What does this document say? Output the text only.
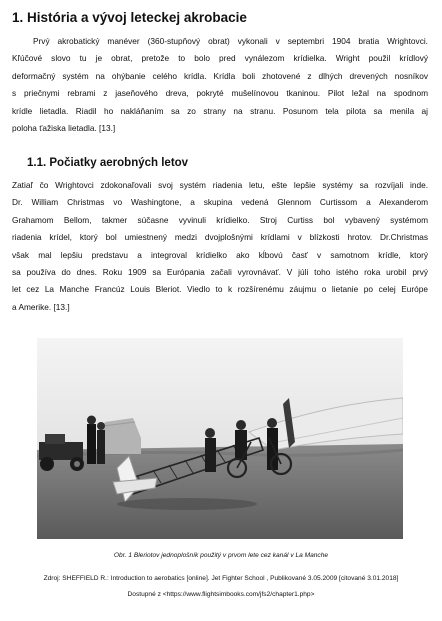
1. História a vývoj leteckej akrobacie
Prvý akrobatický manéver (360-stupňový obrat) vykonali v septembri 1904 bratia Wrightovci.
Kľúčové slovo tu je obrat, pretože to bolo pred vynálezom krídielka. Wright použil krídlový
deformačný systém na ohýbanie celého krídla. Krídla boli zhotovené z dlhých drevených nosníkov
s priečnymi rebrami z jaseňového dreva, pokryté mušelínovou tkaninou. Pilot ležal na spodnom
krídle lietadla. Riadil ho nakláňaním sa zo strany na stranu. Posunom tela pilota sa menila aj
poloha ťažiska lietadla. [13.]
1.1. Počiatky aerobných letov
Zatiaľ čo Wrightovci zdokonaľovali svoj systém riadenia letu, ešte lepšie systémy sa rozvíjali inde.
Dr. William Christmas vo Washingtone, a skupina vedená Glennom Curtissom a Alexanderom
Grahamom Bellom, takmer súčasne vyvinuli krídielko. Stroj Curtiss bol vybavený systémom
riadenia krídel, ktorý bol umiestnený medzi dvojplošnými krídlami v blízkosti hrotov. Dr.Christmas
však mal lepšiu predstavu a integroval krídielko ako kĺbovú časť v samotnom krídle, ktorý
sa používa do dnes. Roku 1909 sa Európania začali vyrovnávať. V júli toho istého roka urobil prvý
let cez La Manche Francúz Louis Bleriot. Viedlo to k rozšírenému záujmu o lietanie po celej Európe
a Amerike. [13.]
Obr. 1 Bleriotov jednoplošník použitý v prvom lete cez kanál v La Manche
Zdroj: SHEFFIELD R.: Introduction to aerobatics [online]. Jet Fighter School , Publikované 3.05.2009 [citované 3.01.2018]
Dostupné z <https://www.flightsimbooks.com/jfs2/chapter1.php>
